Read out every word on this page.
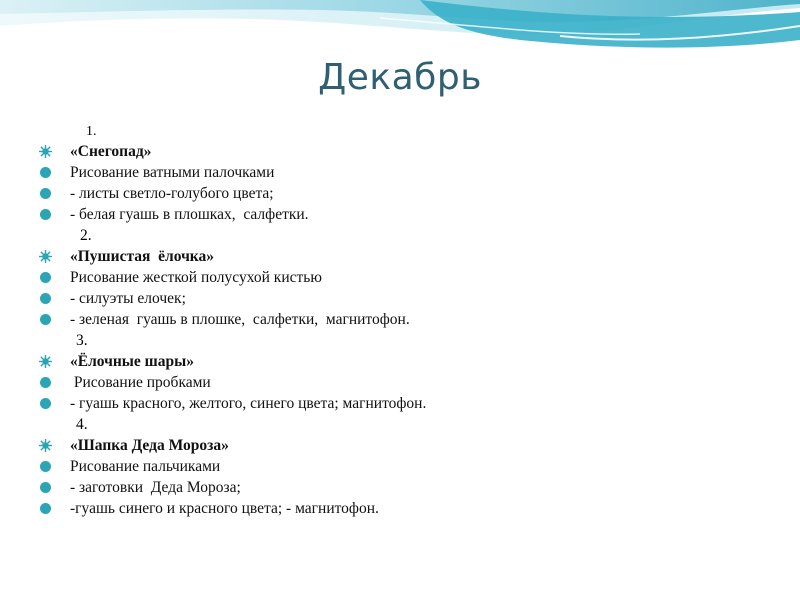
Декабрь
1.
«Снегопад»
Рисование ватными палочками
- листы светло-голубого цвета;
- белая гуашь в плошках,  салфетки.
2.
«Пушистая  ёлочка»
Рисование жесткой полусухой кистью
- силуэты елочек;
- зеленая  гуашь в плошке,  салфетки,  магнитофон.
3.
«Ёлочные шары»
Рисование пробками
- гуашь красного, желтого, синего цвета; магнитофон.
4.
«Шапка Деда Мороза»
Рисование пальчиками
- заготовки  Деда Мороза;
-гуашь синего и красного цвета; - магнитофон.
